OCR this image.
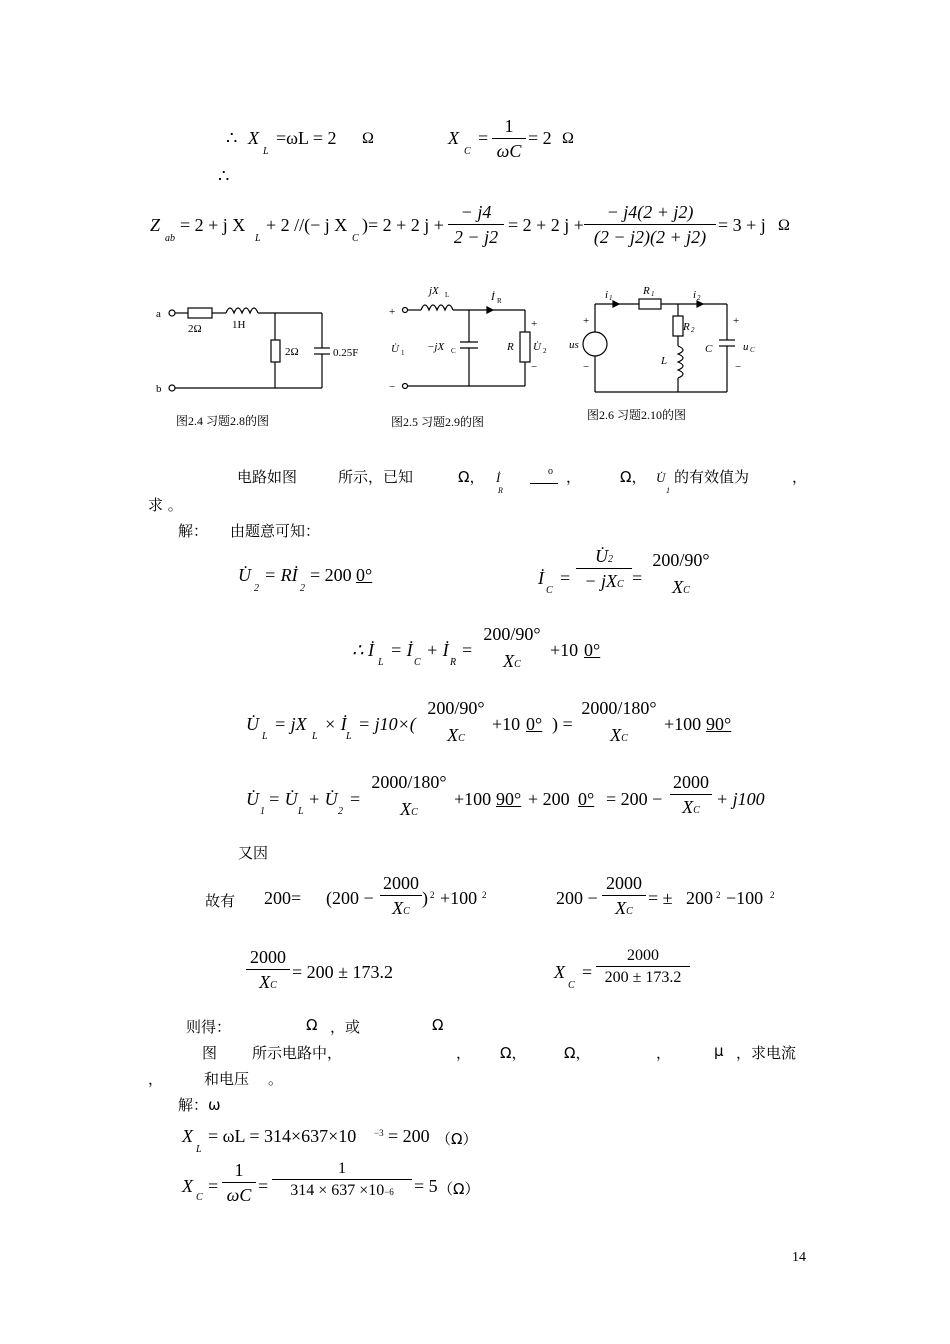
∴ X
L
=ωL = 2 Ω	X
C
= $\frac{1}{\omega C} = 2$ Ω
∴
Z
ab
= 2 + j X
L
+ 2 //(− j X
C
)= 2 + 2 $j + \frac{- j4}{2 - j2} = 2 + 2$ $j + \frac{- j4(2 + j2)}{(2 - j2)(2 + j2)} = 3 + j$ Ω
a
b
2Ω	1H
2Ω	0.25F
图2.4 习题2.8的图
+
−
U̇ 1
jX L	İ R
−jX C	R
+
U̇ 2
−
图2.5 习题2.9的图
i 1
R 1	i 2
R 2
L
C	u C
us
+
−
+
−
图2.6 习题2.10的图
电路如图	所示，已知	Ω， İ
R
o ，	Ω， U̇
1
的有效值为	，
求 。
解： 由题意可知：
U̇
2
= Rİ
2
= 200 0°	İ
C
=
U̇2
− jXC =
200/90°
XC
∴ İ
L
= İ
C
+ İ
R
=
200/90°
XC
+10 0°
U̇
L
= jX
L
× İ
L
= j10×(
200/90°
XC
+10 0° ) =
2000/180°
XC
+100 90°
U̇
1
= U̇
L
+ U̇
2
=
2000/180°
XC
+100 90° + 200 $0^\circ = 200 - \frac{2000}{XC} + j100$
又因
故有 $200= (200 - \frac{2000}{XC}$ ) 2 +100 2	$200 - \frac{2000}{XC}$ = ± 200 2 −100 2
$\frac{2000}{XC} = 200 \pm 173.2$	X
C
= $\frac{2000}{200 \pm 173.2}$
则得：	Ω ，或	Ω
图 所示电路中，	， Ω，	Ω，	，	μ ，求电流
，	和电压 。
解：ω
X
L
= ωL = 314×637×10 −3 = 200 （Ω）
X
C
= $\frac{1}{\omega C} = \frac{1}{314 \times 637 \times 10-6} = 5$ （Ω）
14
